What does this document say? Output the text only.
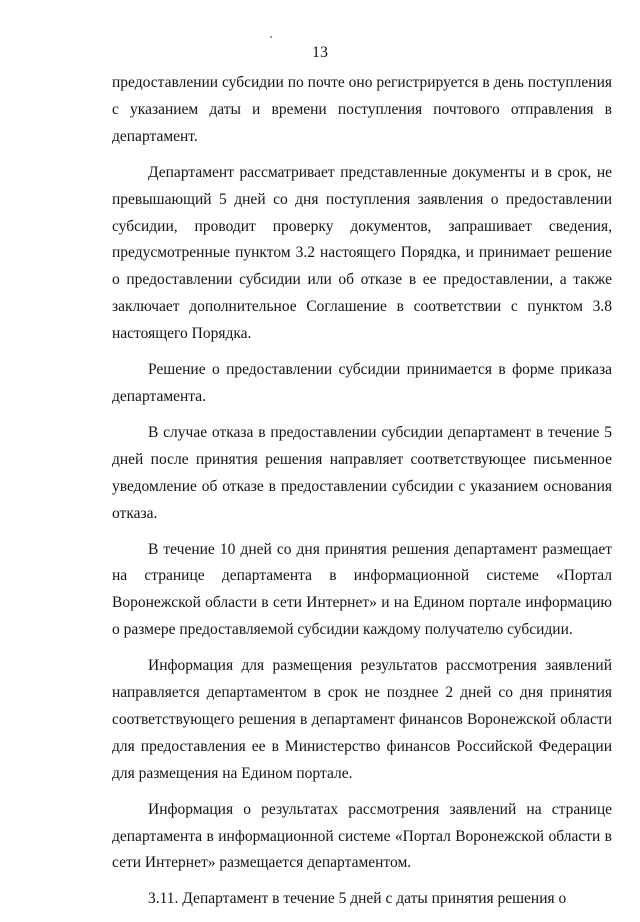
13

предоставлении субсидии по почте оно регистрируется в день поступления с указанием даты и времени поступления почтового отправления в департамент.

Департамент рассматривает представленные документы и в срок, не превышающий 5 дней со дня поступления заявления о предоставлении субсидии, проводит проверку документов, запрашивает сведения, предусмотренные пунктом 3.2 настоящего Порядка, и принимает решение о предоставлении субсидии или об отказе в ее предоставлении, а также заключает дополнительное Соглашение в соответствии с пунктом 3.8 настоящего Порядка.

Решение о предоставлении субсидии принимается в форме приказа департамента.

В случае отказа в предоставлении субсидии департамент в течение 5 дней после принятия решения направляет соответствующее письменное уведомление об отказе в предоставлении субсидии с указанием основания отказа.

В течение 10 дней со дня принятия решения департамент размещает на странице департамента в информационной системе «Портал Воронежской области в сети Интернет» и на Едином портале информацию о размере предоставляемой субсидии каждому получателю субсидии.

Информация для размещения результатов рассмотрения заявлений направляется департаментом в срок не позднее 2 дней со дня принятия соответствующего решения в департамент финансов Воронежской области для предоставления ее в Министерство финансов Российской Федерации для размещения на Едином портале.

Информация о результатах рассмотрения заявлений на странице департамента в информационной системе «Портал Воронежской области в сети Интернет» размещается департаментом.

3.11. Департамент в течение 5 дней с даты принятия решения о
